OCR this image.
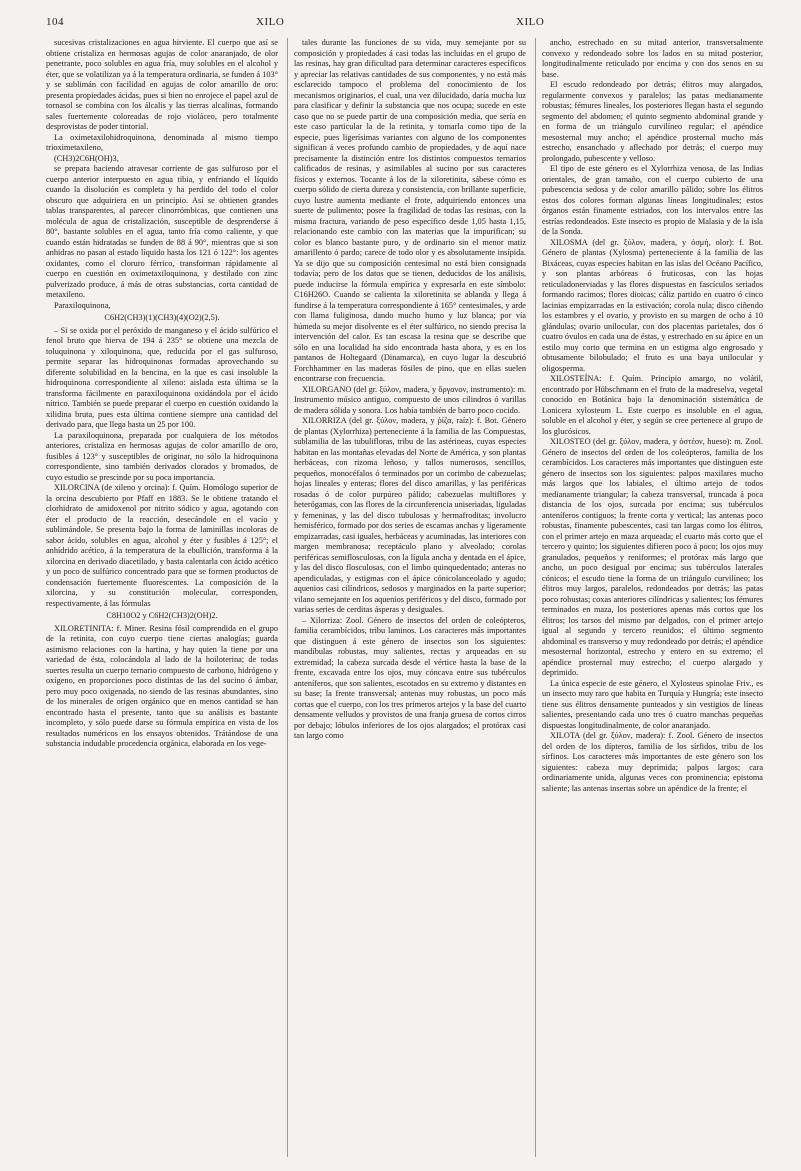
104	XILO	XILO

sucesivas cristalizaciones en agua hirviente. El cuerpo que así se obtiene cristaliza en hermosas agujas de color anaranjado, de olor penetrante, poco solubles en agua fría, muy solubles en el alcohol y éter, que se volatilizan ya á la temperatura ordinaria, se funden á 103° y se sublimán con facilidad en agujas de color amarillo de oro: presenta propiedades ácidas, pues si bien no enrojece el papel azul de tornasol se combina con los álcalis y las tierras alcalinas, formando sales fuertemente coloreadas de rojo violáceo, pero totalmente desprovistas de poder tintorial.

La oximetaxilohidroquinona, denominada al mismo tiempo trioximetaxileno,

(CH3)2C6H(OH)3,

se prepara haciendo atravesar corriente de gas sulfuroso por el cuerpo anterior interpuesto en agua tibia, y enfriando el líquido cuando la disolución es completa y ha perdido del todo el color obscuro que adquiriera en un principio. Así se obtienen grandes tablas transparentes, al parecer clinorrómbicas, que contienen una molécula de agua de cristalización, susceptible de desprenderse á 80°, bastante solubles en el agua, tanto fría como caliente, y que cuando están hidratadas se funden de 88 á 90°, mientras que si son anhidras no pasan al estado líquido hasta los 121 ó 122°: los agentes oxidantes, como el cloruro férrico, transforman rápidamente al cuerpo en cuestión en oximetaxiloquinona, y destilado con zinc pulverizado produce, á más de otras substancias, corta cantidad de metaxileno.

Paraxiloquinona,

C6H2(CH3)(1)(CH3)(4)(O2)(2,5).

– Si se oxida por el peróxido de manganeso y el ácido sulfúrico el fenol bruto que hierva de 194 á 235° se obtiene una mezcla de toluquinona y xiloquinona, que, reducida por el gas sulfuroso, permite separar las hidroquinonas formadas aprovechando su diferente solubilidad en la bencina, en la que es casi insoluble la hidroquinona correspondiente al xileno: aislada esta última se la transforma fácilmente en paraxiloquinona oxidándola por el ácido nítrico. También se puede preparar el cuerpo en cuestión oxidando la xilidina bruta, pues esta última contiene siempre una cantidad del derivado para, que llega hasta un 25 por 100.

La paraxiloquinona, preparada por cualquiera de los métodos anteriores, cristaliza en hermosas agujas de color amarillo de oro, fusibles á 123° y susceptibles de originar, no sólo la hidroquinona correspondiente, sino también derivados clorados y bromados, de cuyo estudio se prescinde por su poca importancia.

XILORCINA (de xileno y orcina): f. Quím. Homólogo superior de la orcina descubierto por Pfaff en 1883. Se le obtiene tratando el clorhidrato de amidoxenol por nitrito sódico y agua, agotando con éter el producto de la reacción, desecándole en el vacío y sublimándole. Se presenta bajo la forma de laminillas incoloras de sabor ácido, solubles en agua, alcohol y éter y fusibles á 125°; el anhídrido acético, á la temperatura de la ebullición, transforma á la xilorcina en derivado diacetilado, y basta calentarla con ácido acético y un poco de sulfúrico concentrado para que se formen productos de condensación fuertemente fluorescentes. La composición de la xilorcina, y su constitución molecular, corresponden, respectivamente, á las fórmulas

C8H10O2 y C6H2(CH3)2(OH)2.

XILORETINITA: f. Miner. Resina fósil comprendida en el grupo de la retinita, con cuyo cuerpo tiene ciertas analogías; guarda asimismo relaciones con la hartina, y hay quien la tiene por una variedad de ésta, colocándola al lado de la hoiloterina; de todas suertes resulta un cuerpo ternario compuesto de carbono, hidrógeno y oxígeno, en proporciones poco distintas de las del sucino ó ámbar, pero muy poco oxigenada, no siendo de las resinas abundantes, sino de los minerales de origen orgánico que en menos cantidad se han encontrado hasta el presente, tanto que su análisis es bastante incompleto, y sólo puede darse su fórmula empírica en vista de los resultados numéricos en los ensayos obtenidos. Trátándose de una substancia indudable procedencia orgánica, elaborada en los vege-

tales durante las funciones de su vida, muy semejante por su composición y propiedades á casi todas las incluidas en el grupo de las resinas, hay gran dificultad para determinar caracteres específicos y apreciar las relativas cantidades de sus componentes, y no está más esclarecido tampoco el problema del conocimiento de los mecanismos originarios, el cual, una vez dilucidado, daría mucha luz para clasificar y definir la substancia que nos ocupa; sucede en este caso que no se puede partir de una composición media, que sería en este caso particular la de la retinita, y tomarla como tipo de la especie, pues ligerísimas variantes con alguno de los componentes significan á veces profundo cambio de propiedades, y de aquí nace precisamente la distinción entre los distintos compuestos ternarios calificados de resinas, y asimilables al sucino por sus caracteres físicos y externos. Tocante á los de la xiloretinita, sábese cómo es cuerpo sólido de cierta dureza y consistencia, con brillante superficie, cuyo lustre aumenta mediante el frote, adquiriendo entonces una suerte de pulimento; posee la fragilidad de todas las resinas, con la misma fractura, variando de peso específico desde 1,05 hasta 1,15, relacionando este cambio con las materias que la impurifican; su color es blanco bastante puro, y de ordinario sin el menor matiz amarillento ó pardo; carece de todo olor y es absolutamente insípida. Ya se dijo que su composición centesimal no está bien consignada todavía; pero de los datos que se tienen, deducidos de los análisis, puede inducirse la fórmula empírica y expresarla en este símbolo: C16H26O. Cuando se calienta la xiloretinita se ablanda y llega á fundirse á la temperatura correspondiente á 165° centesimales, y arde con llama fuliginosa, dando mucho humo y luz blanca; por vía húmeda su mejor disolvente es el éter sulfúrico, no siendo precisa la intervención del calor. Es tan escasa la resina que se describe que sólo en una localidad ha sido encontrada hasta ahora, y es en los pantanos de Holtegaard (Dinamarca), en cuyo lugar la descubrió Forchhammer en las maderas fósiles de pino, que en ellas suelen encontrarse con frecuencia.

XILORGANO (del gr. ξύλον, madera, y ὄργανον, instrumento): m. Instrumento músico antiguo, compuesto de unos cilindros ó varillas de madera sólida y sonora. Los había también de barro poco cocido.

XILORRIZA (del gr. ξύλον, madera, y ῥίζα, raíz): f. Bot. Género de plantas (Xylorrhiza) perteneciente á la familia de las Compuestas, sublamilia de las tubulifloras, tribu de las astérineas, cuyas especies habitan en las montañas elevadas del Norte de América, y son plantas herbáceas, con rizoma leñoso, y tallos numerosos, sencillos, pequeños, monocéfalos ó terminados por un corimbo de cabezuelas; hojas lineales y enteras; flores del disco amarillas, y las periféricas rosadas ó de color purpúreo pálido; cabezuelas multiflores y heterógamas, con las flores de la circunferencia uniseriadas, liguladas y femeninas, y las del disco tubulosas y hermafroditas; involucro hemisférico, formado por dos series de escamas anchas y ligeramente empizarradas, casi iguales, herbáceas y acuminadas, las interiores con margen membranosa; receptáculo plano y alveolado; corolas periféricas semiflosculosas, con la lígula ancha y dentada en el ápice, y las del disco flosculosas, con el limbo quinquedentado; anteras no apendiculadas, y estigmas con el ápice cónicolanceolado y agudo; aquenios casi cilíndricos, sedosos y marginados en la parte superior; vilano semejante en los aquenios periféricos y del disco, formado por varias series de cerditas ásperas y desiguales.

– Xilorriza: Zool. Género de insectos del orden de coleópteros, familia cerambícidos, tribu laminos. Los caracteres más importantes que distinguen á este género de insectos son los siguientes: mandíbulas robustas, muy salientes, rectas y arqueadas en su extremidad; la cabeza surcada desde el vértice hasta la base de la frente, excavada entre los ojos, muy cóncava entre sus tubérculos anteníferos, que son salientes, escotados en su extremo y distantes en su base; la frente transversal; antenas muy robustas, un poco más cortas que el cuerpo, con los tres primeros artejos y la base del cuarto densamente velludos y provistos de una franja gruesa de cortos cirros por debajo; lóbulos inferiores de los ojos alargados; el protórax casi tan largo como

ancho, estrechado en su mitad anterior, transversalmente convexo y redondeado sobre los lados en su mitad posterior, longitudinalmente reticulado por encima y con dos senos en su base.

El escudo redondeado por detrás; élitros muy alargados, regularmente convexos y paralelos; las patas medianamente robustas; fémures lineales, los posteriores llegan hasta el segundo segmento del abdomen; el quinto segmento abdominal grande y en forma de un triángulo curvilíneo regular; el apéndice mesosternal muy ancho; el apéndice prosternal mucho más estrecho, ensanchado y aflechado por detrás; el cuerpo muy prolongado, pubescente y velloso.

El tipo de este género es el Xylorrhiza venosa, de las Indias orientales, de gran tamaño, con el cuerpo cubierto de una pubescencia sedosa y de color amarillo pálido; sobre los élitros estos dos colores forman algunas líneas longitudinales; estos órganos están finamente estriados, con los intervalos entre las estrías redondeados. Este insecto es propio de Malasia y de la isla de la Sonda.

XILOSMA (del gr. ξύλον, madera, y ὀσμή, olor): f. Bot. Género de plantas (Xylosma) perteneciente á la familia de las Bixáceas, cuyas especies habitan en las islas del Océano Pacífico, y son plantas arbóreas ó fruticosas, con las hojas reticuladonerviadas y las flores dispuestas en fascículos seriados formando racimos; flores dioicas; cáliz partido en cuatro ó cinco lacinias empizarradas en la estivación; corola nula; disco ciñendo los estambres y el ovario, y provisto en su margen de ocho á 10 glándulas; ovario unilocular, con dos placentas parietales, dos ó cuatro óvulos en cada una de éstas, y estrechado en su ápice en un estilo muy corto que termina en un estigma algo engrosado y obtusamente bilobulado; el fruto es una baya unilocular y oligosperma.

XILOSTEÍNA: f. Quím. Principio amargo, no volátil, encontrado por Hübschmann en el fruto de la madreselva, vegetal conocido en Botánica bajo la denominación sistemática de Lonicera xylosteum L. Este cuerpo es insoluble en el agua, soluble en el alcohol y éter, y según se cree pertenece al grupo de los glucósicos.

XILOSTEO (del gr. ξύλον, madera, y ὀστέον, hueso): m. Zool. Género de insectos del orden de los coleópteros, familia de los cerambícidos. Los caracteres más importantes que distinguen este género de insectos son los siguientes: palpos maxilares mucho más largos que los labiales, el último artejo de todos medianamente triangular; la cabeza transversal, truncada á poca distancia de los ojos, surcada por encima; sus tubérculos anteníferos contiguos; la frente corta y vertical; las antenas poco robustas, finamente pubescentes, casi tan largas como los élitros, con el primer artejo en maza arqueada; el cuarto más corto que el tercero y quinto; los siguientes difieren poco á poco; los ojos muy granulados, pequeños y reniformes; el protórax más largo que ancho, un poco desigual por encima; sus tubérculos laterales cónicos; el escudo tiene la forma de un triángulo curvilíneo; los élitros muy largos, paralelos, redondeados por detrás; las patas poco robustas; coxas anteriores cilíndricas y salientes; los fémures terminados en maza, los posteriores apenas más cortos que los élitros; los tarsos del mismo par delgados, con el primer artejo igual al segundo y tercero reunidos; el último segmento abdominal es transverso y muy redondeado por detrás; el apéndice mesosternal horizontal, estrecho y entero en su extremo; el apéndice prosternal muy estrecho; el cuerpo alargado y deprimido.

La única especie de este género, el Xylosteus spinolae Friv., es un insecto muy raro que habita en Turquía y Hungría; este insecto tiene sus élitros densamente punteados y sin vestigios de líneas salientes, presentando cada uno tres ó cuatro manchas pequeñas dispuestas longitudinalmente, de color anaranjado.

XILOTA (del gr. ξύλον, madera): f. Zool. Género de insectos del orden de los dípteros, familia de los sírfidos, tribu de los sírfinos. Los caracteres más importantes de este género son los siguientes: cabeza muy deprimida; palpos largos; cara ordinariamente unida, algunas veces con prominencia; epistoma saliente; las antenas insertas sobre un apéndice de la frente; el
